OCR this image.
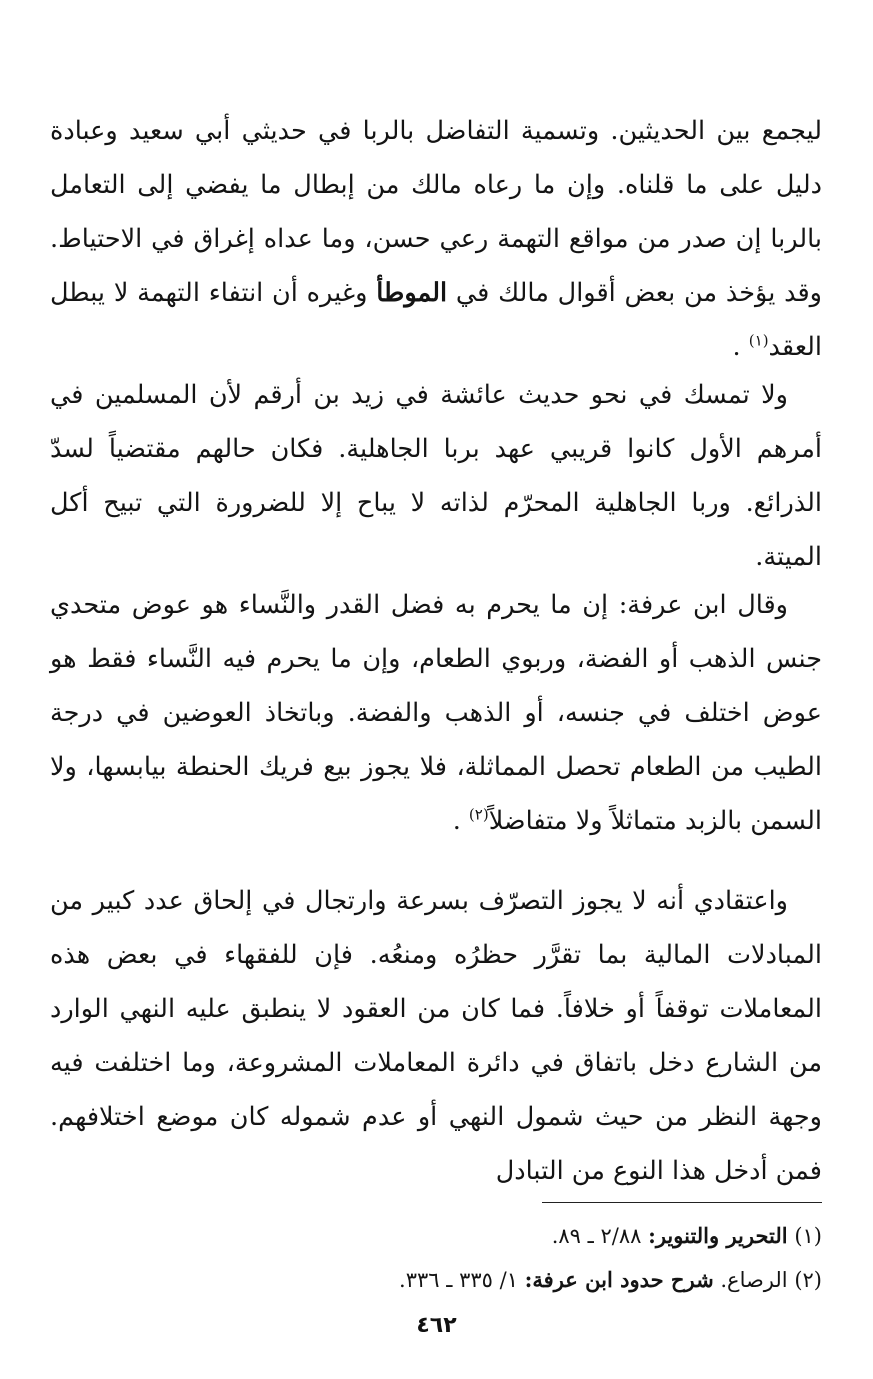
ليجمع بين الحديثين. وتسمية التفاضل بالربا في حديثي أبي سعيد وعبادة دليل على ما قلناه. وإن ما رعاه مالك من إبطال ما يفضي إلى التعامل بالربا إن صدر من مواقع التهمة رعي حسن، وما عداه إغراق في الاحتياط. وقد يؤخذ من بعض أقوال مالك في الموطأ وغيره أن انتفاء التهمة لا يبطل العقد$^{(١)}$ .

ولا تمسك في نحو حديث عائشة في زيد بن أرقم لأن المسلمين في أمرهم الأول كانوا قريبي عهد بربا الجاهلية. فكان حالهم مقتضياً لسدّ الذرائع. وربا الجاهلية المحرّم لذاته لا يباح إلا للضرورة التي تبيح أكل الميتة.

وقال ابن عرفة: إن ما يحرم به فضل القدر والنَّساء هو عوض متحدي جنس الذهب أو الفضة، وربوي الطعام، وإن ما يحرم فيه النَّساء فقط هو عوض اختلف في جنسه، أو الذهب والفضة. وباتخاذ العوضين في درجة الطيب من الطعام تحصل المماثلة، فلا يجوز بيع فريك الحنطة بيابسها، ولا السمن بالزبد متماثلاً ولا متفاضلاً$^{(٢)}$ .

واعتقادي أنه لا يجوز التصرّف بسرعة وارتجال في إلحاق عدد كبير من المبادلات المالية بما تقرَّر حظرُه ومنعُه. فإن للفقهاء في بعض هذه المعاملات توقفاً أو خلافاً. فما كان من العقود لا ينطبق عليه النهي الوارد من الشارع دخل باتفاق في دائرة المعاملات المشروعة، وما اختلفت فيه وجهة النظر من حيث شمول النهي أو عدم شموله كان موضع اختلافهم. فمن أدخل هذا النوع من التبادل

(١) التحرير والتنوير: ٢/٨٨ ـ ٨٩.

(٢) الرصاع. شرح حدود ابن عرفة: ١/ ٣٣٥ ـ ٣٣٦.

٤٦٢
